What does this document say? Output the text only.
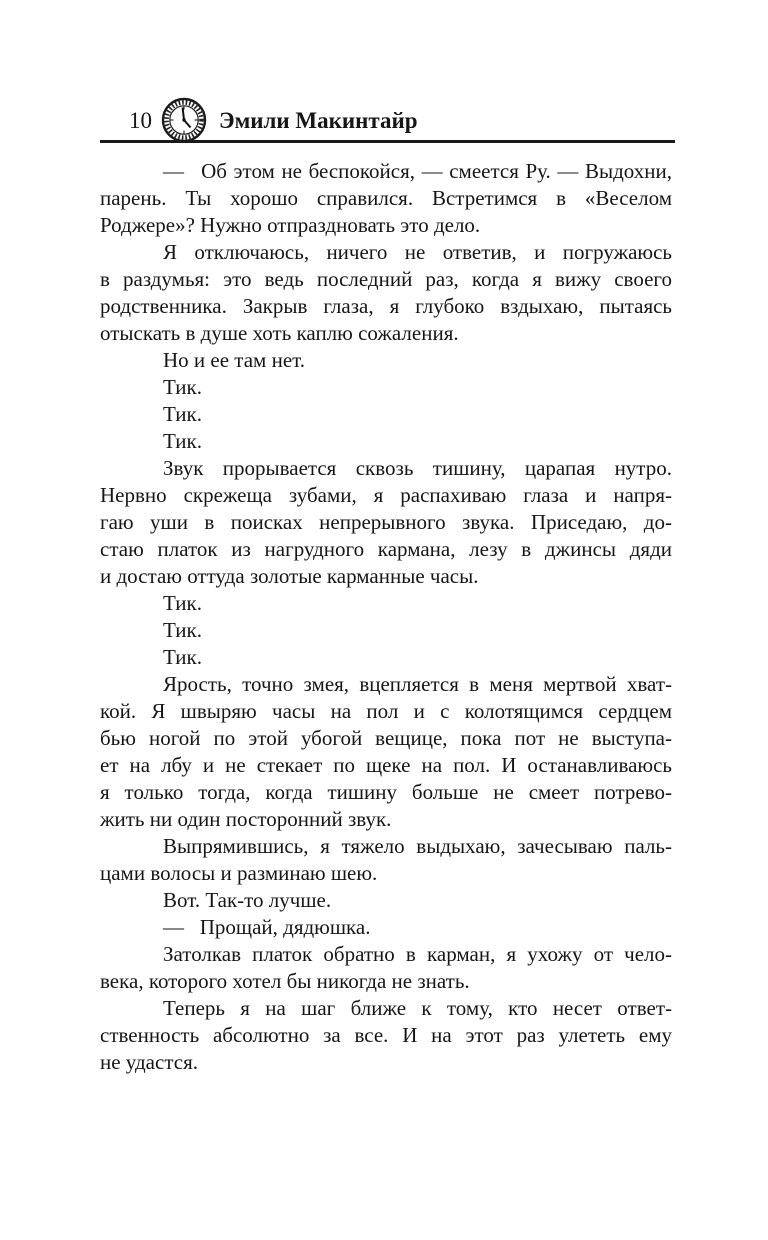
10	Эмили Макинтайр
—  Об этом не беспокойся, — смеется Ру. — Выдохни,
парень. Ты хорошо справился. Встретимся в «Веселом
Роджере»? Нужно отпраздновать это дело.
Я отключаюсь, ничего не ответив, и погружаюсь
в раздумья: это ведь последний раз, когда я вижу своего
родственника. Закрыв глаза, я глубоко вздыхаю, пытаясь
отыскать в душе хоть каплю сожаления.
Но и ее там нет.
Тик.
Тик.
Тик.
Звук прорывается сквозь тишину, царапая нутро.
Нервно скрежеща зубами, я распахиваю глаза и напря-
гаю уши в поисках непрерывного звука. Приседаю, до-
стаю платок из нагрудного кармана, лезу в джинсы дяди
и достаю оттуда золотые карманные часы.
Тик.
Тик.
Тик.
Ярость, точно змея, вцепляется в меня мертвой хват-
кой. Я швыряю часы на пол и с колотящимся сердцем
бью ногой по этой убогой вещице, пока пот не выступа-
ет на лбу и не стекает по щеке на пол. И останавливаюсь
я только тогда, когда тишину больше не смеет потрево-
жить ни один посторонний звук.
Выпрямившись, я тяжело выдыхаю, зачесываю паль-
цами волосы и разминаю шею.
Вот. Так-то лучше.
—  Прощай, дядюшка.
Затолкав платок обратно в карман, я ухожу от чело-
века, которого хотел бы никогда не знать.
Теперь я на шаг ближе к тому, кто несет ответ-
ственность абсолютно за все. И на этот раз улететь ему
не удастся.
